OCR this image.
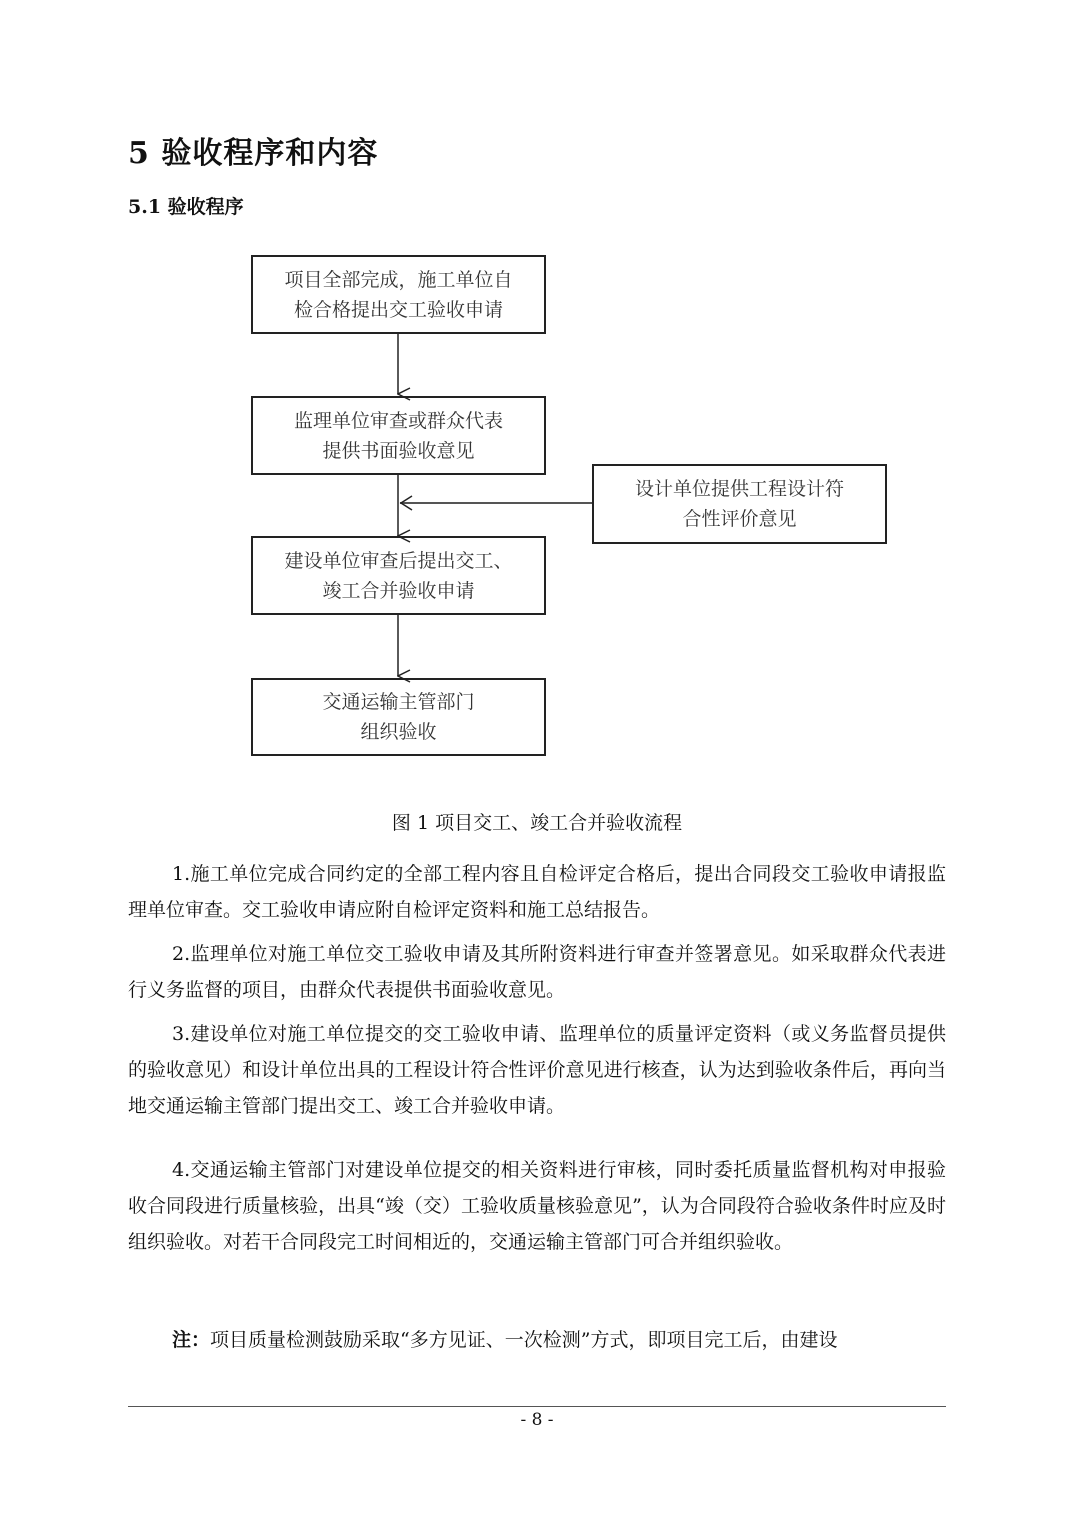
5 验收程序和内容
5.1 验收程序
项目全部完成，施工单位自
检合格提出交工验收申请
监理单位审查或群众代表
提供书面验收意见
设计单位提供工程设计符
合性评价意见
建设单位审查后提出交工、
竣工合并验收申请
交通运输主管部门
组织验收
图 1 项目交工、竣工合并验收流程

1.施工单位完成合同约定的全部工程内容且自检评定合格后，提出合同段交工验收申请报监理单位审查。交工验收申请应附自检评定资料和施工总结报告。

2.监理单位对施工单位交工验收申请及其所附资料进行审查并签署意见。如采取群众代表进行义务监督的项目，由群众代表提供书面验收意见。

3.建设单位对施工单位提交的交工验收申请、监理单位的质量评定资料（或义务监督员提供的验收意见）和设计单位出具的工程设计符合性评价意见进行核查，认为达到验收条件后，再向当地交通运输主管部门提出交工、竣工合并验收申请。

4.交通运输主管部门对建设单位提交的相关资料进行审核，同时委托质量监督机构对申报验收合同段进行质量核验，出具“竣（交）工验收质量核验意见”，认为合同段符合验收条件时应及时组织验收。对若干合同段完工时间相近的，交通运输主管部门可合并组织验收。

注：项目质量检测鼓励采取“多方见证、一次检测”方式，即项目完工后，由建设

- 8 -
